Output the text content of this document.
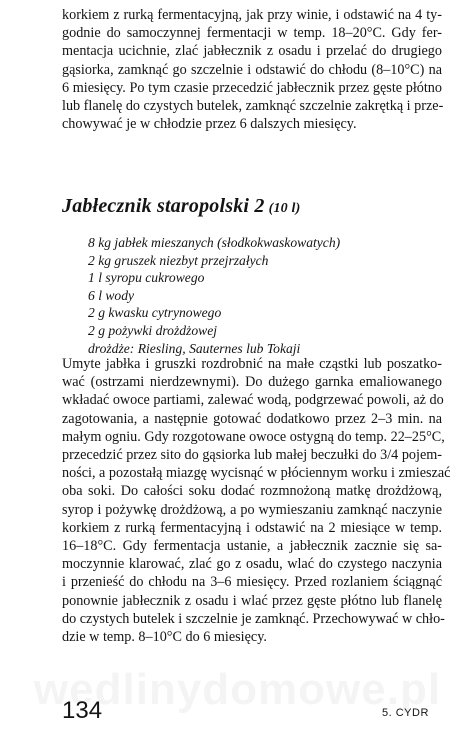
korkiem z rurką fermentacyjną, jak przy winie, i odstawić na 4 ty-
godnie do samoczynnej fermentacji w temp. 18–20°C. Gdy fer-
mentacja ucichnie, zlać jabłecznik z osadu i przelać do drugiego
gąsiorka, zamknąć go szczelnie i odstawić do chłodu (8–10°C) na
6 miesięcy. Po tym czasie przecedzić jabłecznik przez gęste płótno
lub flanelę do czystych butelek, zamknąć szczelnie zakrętką i prze-
chowywać je w chłodzie przez 6 dalszych miesięcy.
Jabłecznik staropolski 2 (10 l)
8 kg jabłek mieszanych (słodkokwaskowatych)
2 kg gruszek niezbyt przejrzałych
1 l syropu cukrowego
6 l wody
2 g kwasku cytrynowego
2 g pożywki drożdżowej
drożdże: Riesling, Sauternes lub Tokaji
Umyte jabłka i gruszki rozdrobnić na małe cząstki lub poszatko-
wać (ostrzami nierdzewnymi). Do dużego garnka emaliowanego
wkładać owoce partiami, zalewać wodą, podgrzewać powoli, aż do
zagotowania, a następnie gotować dodatkowo przez 2–3 min. na
małym ogniu. Gdy rozgotowane owoce ostygną do temp. 22–25°C,
przecedzić przez sito do gąsiorka lub małej beczułki do 3/4 pojem-
ności, a pozostałą miazgę wycisnąć w płóciennym worku i zmieszać
oba soki. Do całości soku dodać rozmnożoną matkę drożdżową,
syrop i pożywkę drożdżową, a po wymieszaniu zamknąć naczynie
korkiem z rurką fermentacyjną i odstawić na 2 miesiące w temp.
16–18°C. Gdy fermentacja ustanie, a jabłecznik zacznie się sa-
moczynnie klarować, zlać go z osadu, wlać do czystego naczynia
i przenieść do chłodu na 3–6 miesięcy. Przed rozlaniem ściągnąć
ponownie jabłecznik z osadu i wlać przez gęste płótno lub flanelę
do czystych butelek i szczelnie je zamknąć. Przechowywać w chło-
dzie w temp. 8–10°C do 6 miesięcy.
134	5. CYDR
